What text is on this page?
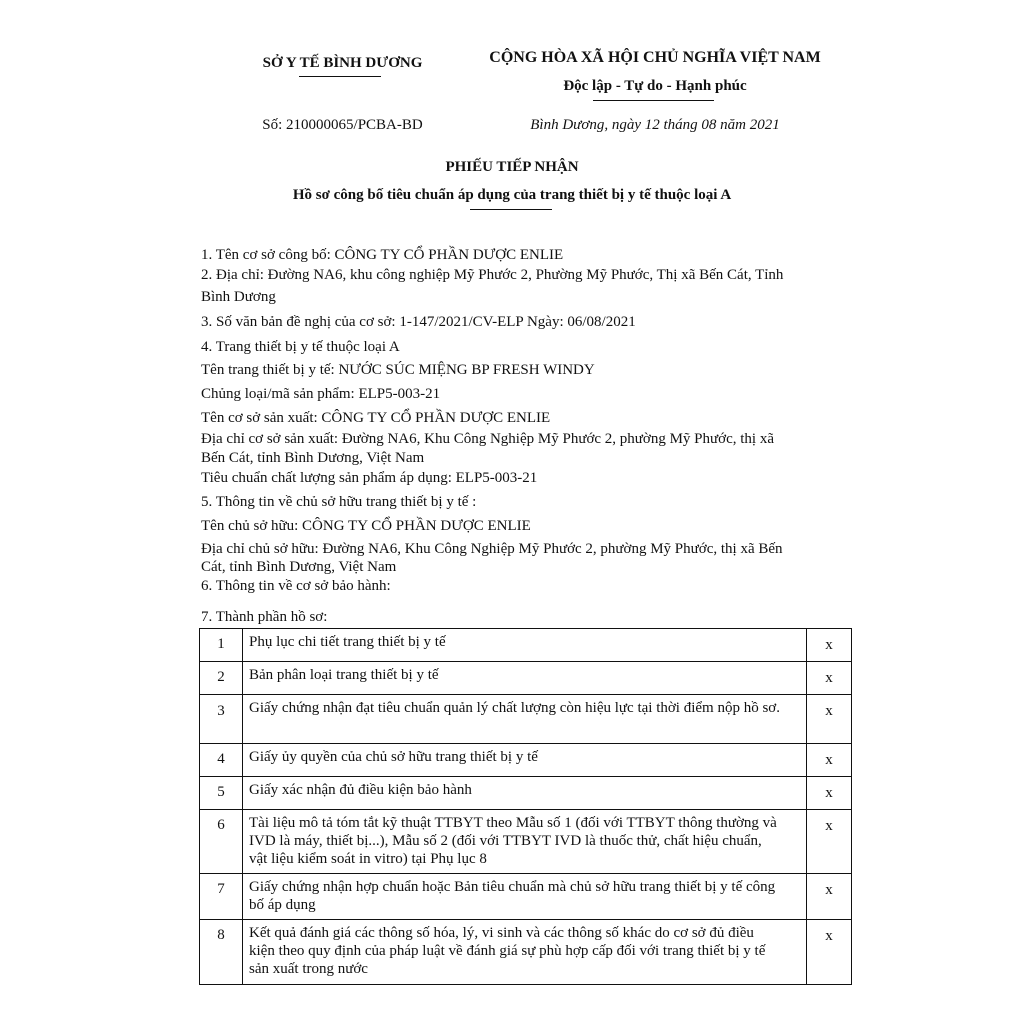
SỞ Y TẾ BÌNH DƯƠNG	CỘNG HÒA XÃ HỘI CHỦ NGHĨA VIỆT NAM
Độc lập - Tự do - Hạnh phúc
Số: 210000065/PCBA-BD	Bình Dương, ngày 12 tháng 08 năm 2021
PHIẾU TIẾP NHẬN
Hồ sơ công bố tiêu chuẩn áp dụng của trang thiết bị y tế thuộc loại A
1. Tên cơ sở công bố: CÔNG TY CỔ PHẦN DƯỢC ENLIE
2. Địa chỉ: Đường NA6, khu công nghiệp Mỹ Phước 2, Phường Mỹ Phước, Thị xã Bến Cát, Tỉnh
Bình Dương
3. Số văn bản đề nghị của cơ sở: 1-147/2021/CV-ELP Ngày: 06/08/2021
4. Trang thiết bị y tế thuộc loại A
Tên trang thiết bị y tế: NƯỚC SÚC MIỆNG BP FRESH WINDY
Chủng loại/mã sản phẩm: ELP5-003-21
Tên cơ sở sản xuất: CÔNG TY CỔ PHẦN DƯỢC ENLIE
Địa chỉ cơ sở sản xuất: Đường NA6, Khu Công Nghiệp Mỹ Phước 2, phường Mỹ Phước, thị xã
Bến Cát, tỉnh Bình Dương, Việt Nam
Tiêu chuẩn chất lượng sản phẩm áp dụng: ELP5-003-21
5. Thông tin về chủ sở hữu trang thiết bị y tế :
Tên chủ sở hữu: CÔNG TY CỔ PHẦN DƯỢC ENLIE
Địa chỉ chủ sở hữu: Đường NA6, Khu Công Nghiệp Mỹ Phước 2, phường Mỹ Phước, thị xã Bến
Cát, tỉnh Bình Dương, Việt Nam
6. Thông tin về cơ sở bảo hành:
7. Thành phần hồ sơ:
1	Phụ lục chi tiết trang thiết bị y tế	x
2	Bản phân loại trang thiết bị y tế	x
3	Giấy chứng nhận đạt tiêu chuẩn quản lý chất lượng còn hiệu lực tại thời điểm nộp hồ sơ.	x
4	Giấy ủy quyền của chủ sở hữu trang thiết bị y tế	x
5	Giấy xác nhận đủ điều kiện bảo hành	x
6	Tài liệu mô tả tóm tắt kỹ thuật TTBYT theo Mẫu số 1 (đối với TTBYT thông thường và
IVD là máy, thiết bị...), Mẫu số 2 (đối với TTBYT IVD là thuốc thử, chất hiệu chuẩn,
vật liệu kiểm soát in vitro) tại Phụ lục 8	x
7	Giấy chứng nhận hợp chuẩn hoặc Bản tiêu chuẩn mà chủ sở hữu trang thiết bị y tế công
bố áp dụng	x
8	Kết quả đánh giá các thông số hóa, lý, vi sinh và các thông số khác do cơ sở đủ điều
kiện theo quy định của pháp luật về đánh giá sự phù hợp cấp đối với trang thiết bị y tế
sản xuất trong nước	x
